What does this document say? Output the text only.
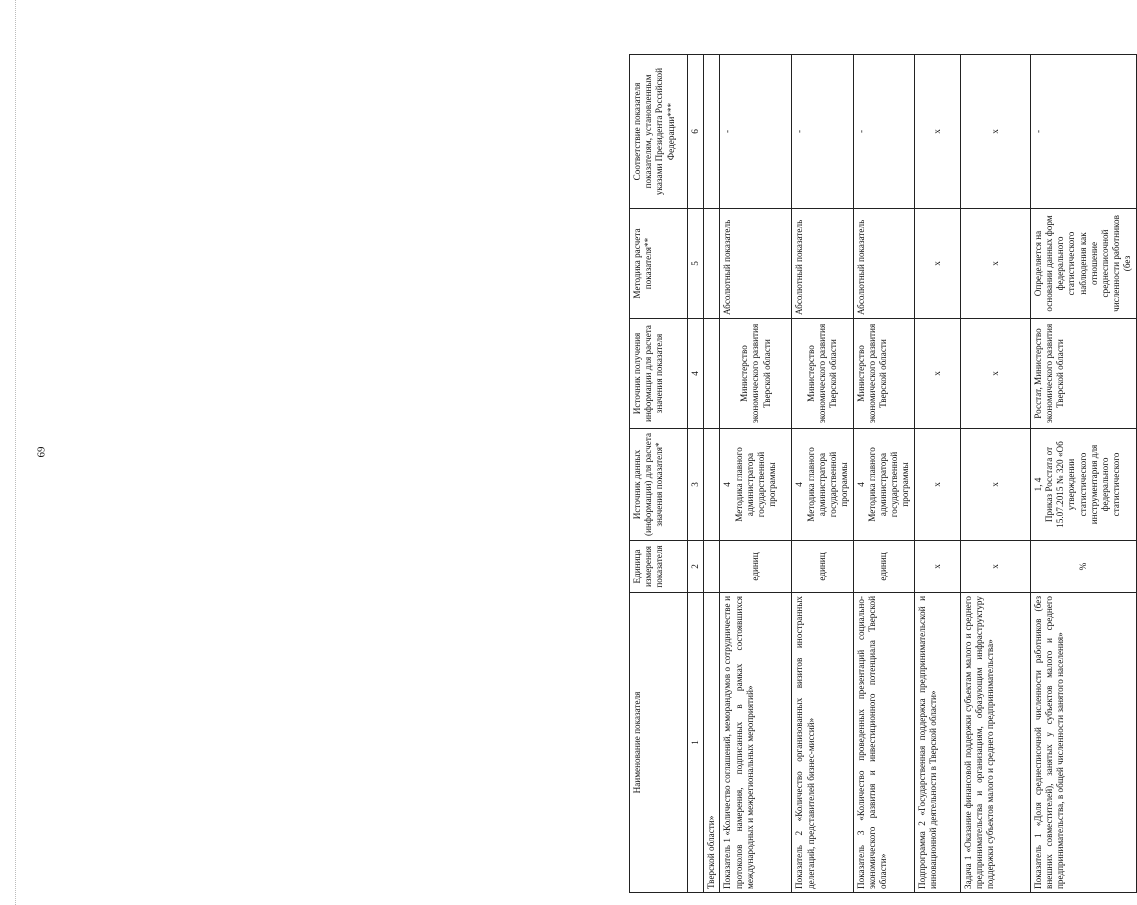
69
Наименование показателя	Единица измерения показателя	Источник данных (информации) для расчета значения показателя*	Источник получения информации для расчета значения показателя	Методика расчета показателя**	Соответствие показателя показателям, установленным указами Президента Российской Федерации***
1	2	3	4	5	6
Тверской области»					
Показатель 1 «Количество соглашений, меморандумов о сотрудничестве и протоколов намерения, подписанных в рамках состоявшихся международных и межрегиональных мероприятий»	единиц	4 Методика главного администратора государственной программы	Министерство экономического развития Тверской области	Абсолютный показатель	-
Показатель 2 «Количество организованных визитов иностранных делегаций, представителей бизнес-миссий»	единиц	4 Методика главного администратора государственной программы	Министерство экономического развития Тверской области	Абсолютный показатель	-
Показатель 3 «Количество проведенных презентаций социально-экономического развития и инвестиционного потенциала Тверской области»	единиц	4 Методика главного администратора государственной программы	Министерство экономического развития Тверской области	Абсолютный показатель	-
Подпрограмма 2 «Государственная поддержка предпринимательской и инновационной деятельности в Тверской области»	х	х	х	х	х
Задача 1 «Оказание финансовой поддержки субъектам малого и среднего предпринимательства и организациям, образующим инфраструктуру поддержки субъектов малого и среднего предпринимательства»	х	х	х	х	х
Показатель 1 «Доля среднесписочной численности работников (без внешних совместителей), занятых у субъектов малого и среднего предпринимательства, в общей численности занятого населения»	%	1, 4 Приказ Росстата от 15.07.2015 № 320 «Об утверждении статистического инструментария для федерального статистического	Росстат, Министерство экономического развития Тверской области	Определяется на основании данных форм федерального статистического наблюдения как отношение среднесписочной численности работников (без	-
